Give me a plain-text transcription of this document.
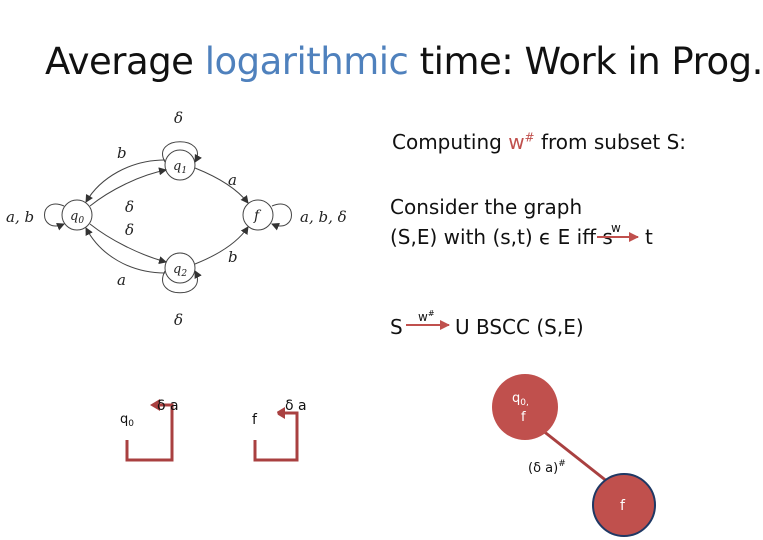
Average logarithmic time: Work in Prog.
Computing w# from subset S:
Consider the graph
(S,E) with (s,t) ϵ E iff s t
S	U BSCC (S,E)
$q_0$
$q_1$
$q_2$
f
a, b	a, b, δ
δ
δ
b
a
δ
δ
b
a
w
w#
$q_0$
δ a
f
δ a	$q_{0,}$
f
(δ a)#
f
